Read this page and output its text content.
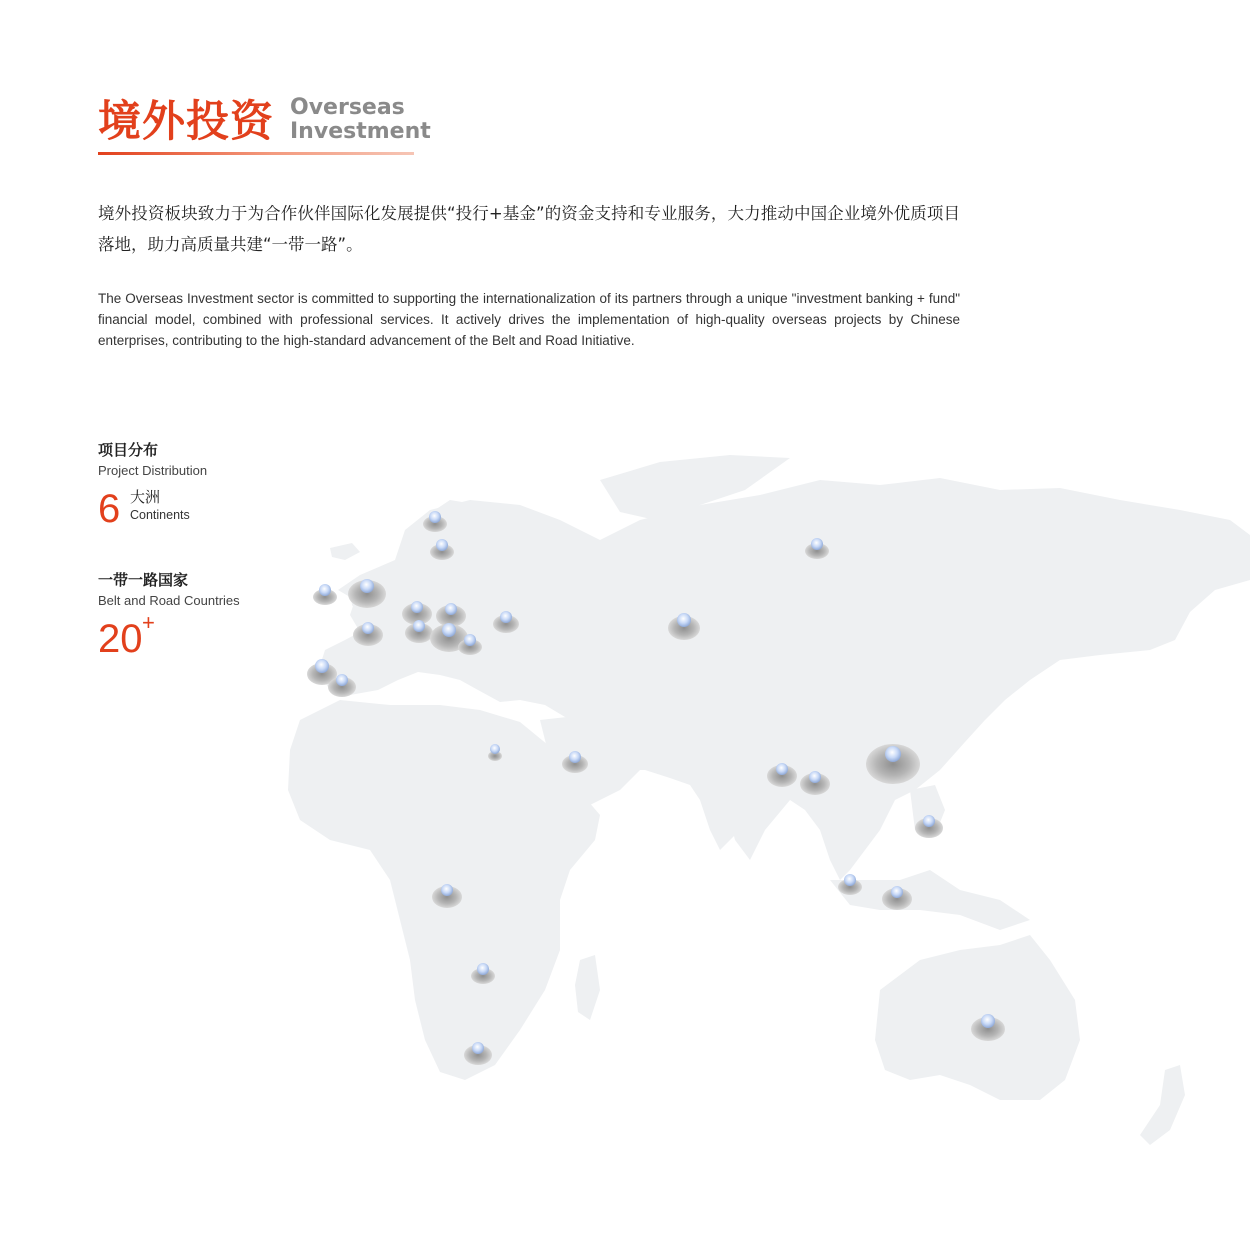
境外投资 Overseas
Investment
境外投资板块致力于为合作伙伴国际化发展提供“投行+基金”的资金支持和专业服务，大力推动中国企业境外优质项目落地，助力高质量共建“一带一路”。
The Overseas Investment sector is committed to supporting the internationalization of its partners through a unique "investment banking + fund" financial model, combined with professional services. It actively drives the implementation of high-quality overseas projects by Chinese enterprises, contributing to the high-standard advancement of the Belt and Road Initiative.
项目分布
Project Distribution
6 大洲
Continents
一带一路国家
Belt and Road Countries
20 +
